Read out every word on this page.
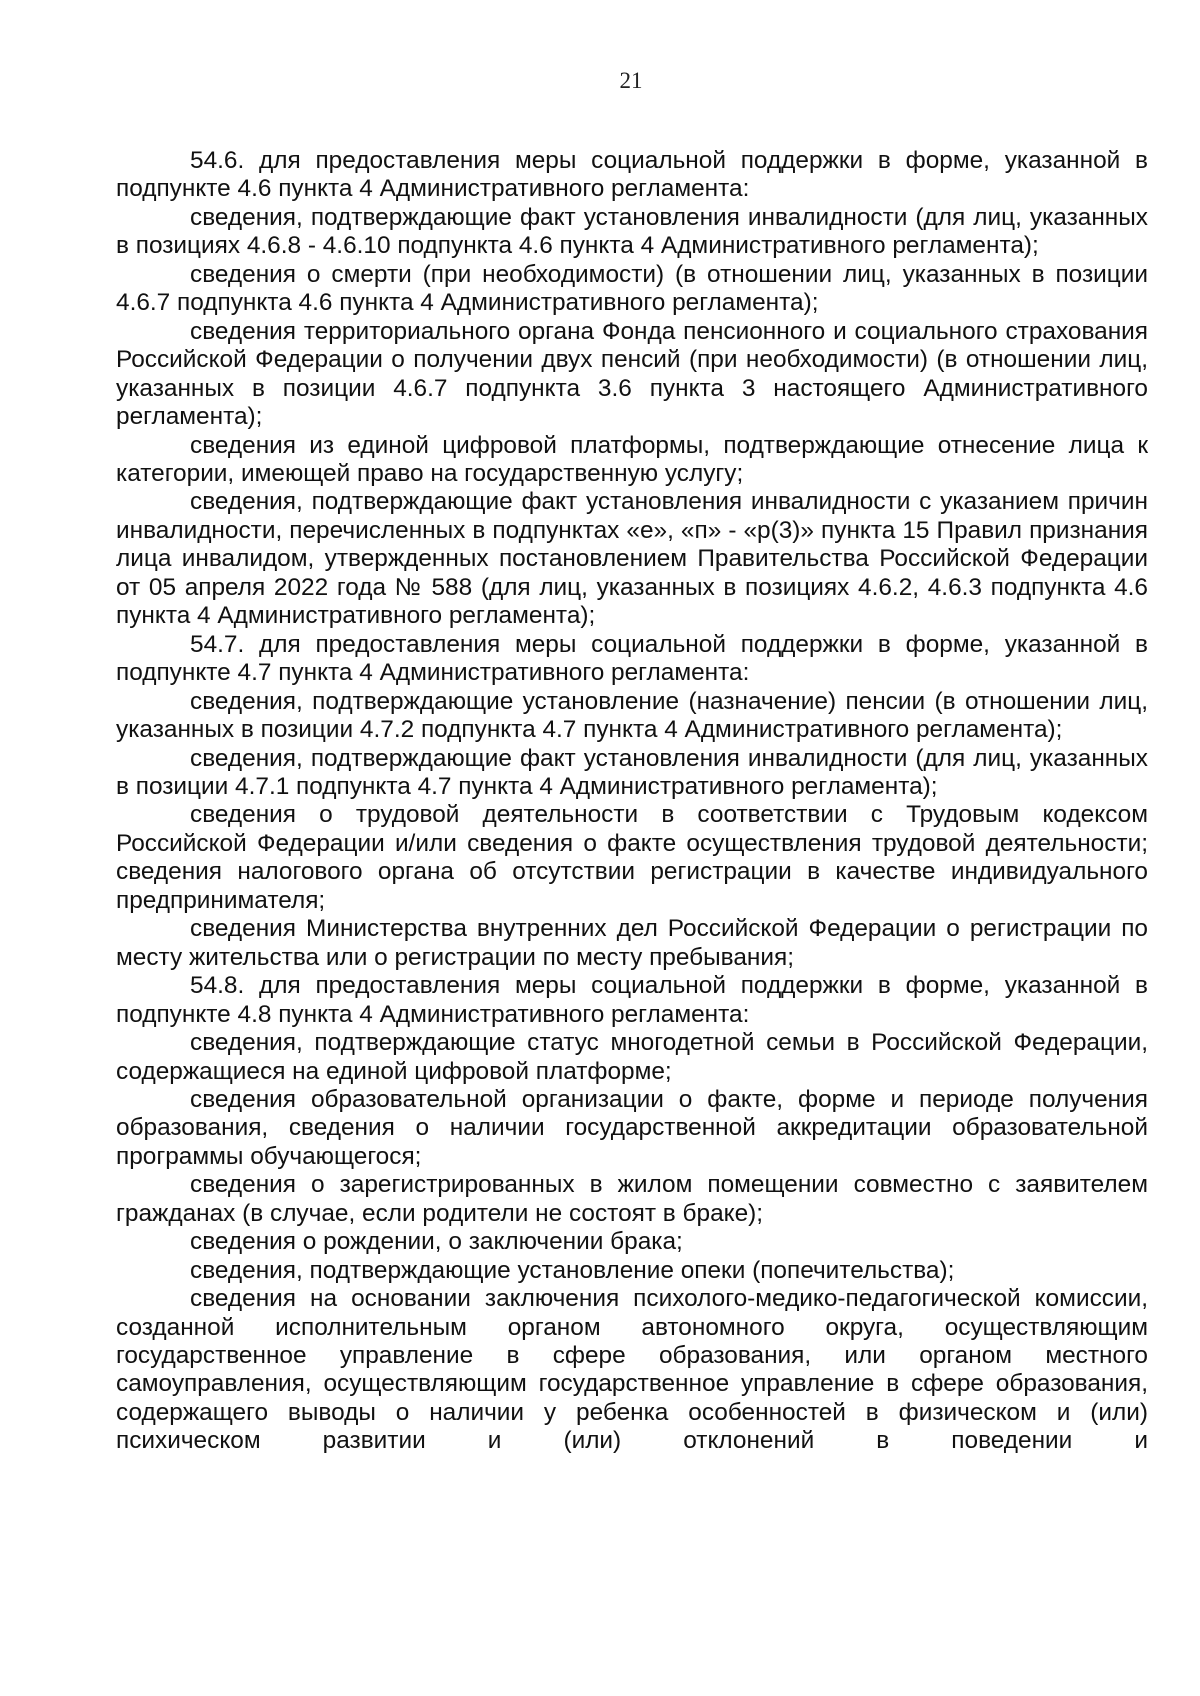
21

54.6. для предоставления меры социальной поддержки в форме, указанной в подпункте 4.6 пункта 4 Административного регламента:

сведения, подтверждающие факт установления инвалидности (для лиц, указанных в позициях 4.6.8 - 4.6.10 подпункта 4.6 пункта 4 Административного регламента);

сведения о смерти (при необходимости) (в отношении лиц, указанных в позиции 4.6.7 подпункта 4.6 пункта 4 Административного регламента);

сведения территориального органа Фонда пенсионного и социального страхования Российской Федерации о получении двух пенсий (при необходимости) (в отношении лиц, указанных в позиции 4.6.7 подпункта 3.6 пункта 3 настоящего Административного регламента);

сведения из единой цифровой платформы, подтверждающие отнесение лица к категории, имеющей право на государственную услугу;

сведения, подтверждающие факт установления инвалидности с указанием причин инвалидности, перечисленных в подпунктах «е», «п» - «р(3)» пункта 15 Правил признания лица инвалидом, утвержденных постановлением Правительства Российской Федерации от 05 апреля 2022 года № 588 (для лиц, указанных в позициях 4.6.2, 4.6.3 подпункта 4.6 пункта 4 Административного регламента);

54.7. для предоставления меры социальной поддержки в форме, указанной в подпункте 4.7 пункта 4 Административного регламента:

сведения, подтверждающие установление (назначение) пенсии (в отношении лиц, указанных в позиции 4.7.2 подпункта 4.7 пункта 4 Административного регламента);

сведения, подтверждающие факт установления инвалидности (для лиц, указанных в позиции 4.7.1 подпункта 4.7 пункта 4 Административного регламента);

сведения о трудовой деятельности в соответствии с Трудовым кодексом Российской Федерации и/или сведения о факте осуществления трудовой деятельности; сведения налогового органа об отсутствии регистрации в качестве индивидуального предпринимателя;

сведения Министерства внутренних дел Российской Федерации о регистрации по месту жительства или о регистрации по месту пребывания;

54.8. для предоставления меры социальной поддержки в форме, указанной в подпункте 4.8 пункта 4 Административного регламента:

сведения, подтверждающие статус многодетной семьи в Российской Федерации, содержащиеся на единой цифровой платформе;

сведения образовательной организации о факте, форме и периоде получения образования, сведения о наличии государственной аккредитации образовательной программы обучающегося;

сведения о зарегистрированных в жилом помещении совместно с заявителем гражданах (в случае, если родители не состоят в браке);

сведения о рождении, о заключении брака;

сведения, подтверждающие установление опеки (попечительства);

сведения на основании заключения психолого-медико-педагогической комиссии, созданной исполнительным органом автономного округа, осуществляющим государственное управление в сфере образования, или органом местного самоуправления, осуществляющим государственное управление в сфере образования, содержащего выводы о наличии у ребенка особенностей в физическом и (или) психическом развитии и (или) отклонений в поведении и
